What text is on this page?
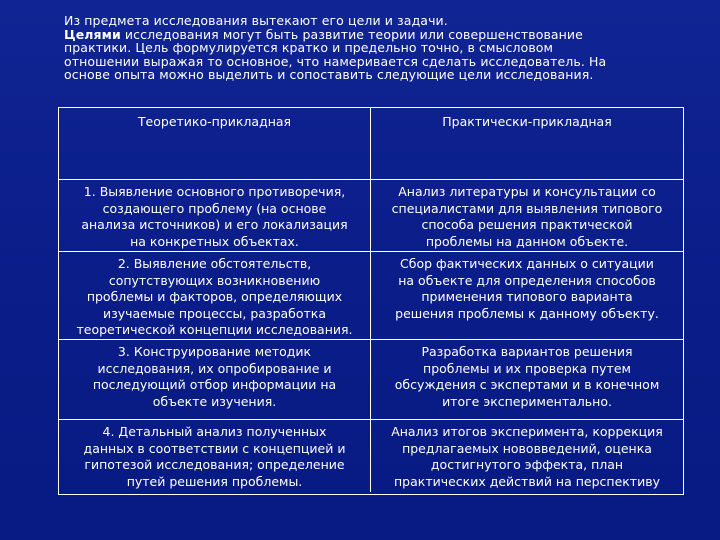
Из предмета исследования вытекают его цели и задачи.
Целями исследования могут быть развитие теории или совершенствование
практики. Цель формулируется кратко и предельно точно, в смысловом
отношении выражая то основное, что намеривается сделать исследователь. На
основе опыта можно выделить и сопоставить следующие цели исследования.
Теоретико-прикладная	Практически-прикладная
1. Выявление основного противоречия,
создающего проблему (на основе
анализа источников) и его локализация
на конкретных объектах.
Анализ литературы и консультации со
специалистами для выявления типового
способа решения практической
проблемы на данном объекте.
2. Выявление обстоятельств,
сопутствующих возникновению
проблемы и факторов, определяющих
изучаемые процессы, разработка
теоретической концепции исследования.
Сбор фактических данных о ситуации
на объекте для определения способов
применения типового варианта
решения проблемы к данному объекту.
3. Конструирование методик
исследования, их опробирование и
последующий отбор информации на
объекте изучения.
Разработка вариантов решения
проблемы и их проверка путем
обсуждения с экспертами и в конечном
итоге экспериментально.
4. Детальный анализ полученных
данных в соответствии с концепцией и
гипотезой исследования; определение
путей решения проблемы.
Анализ итогов эксперимента, коррекция
предлагаемых нововведений, оценка
достигнутого эффекта, план
практических действий на перспективу
